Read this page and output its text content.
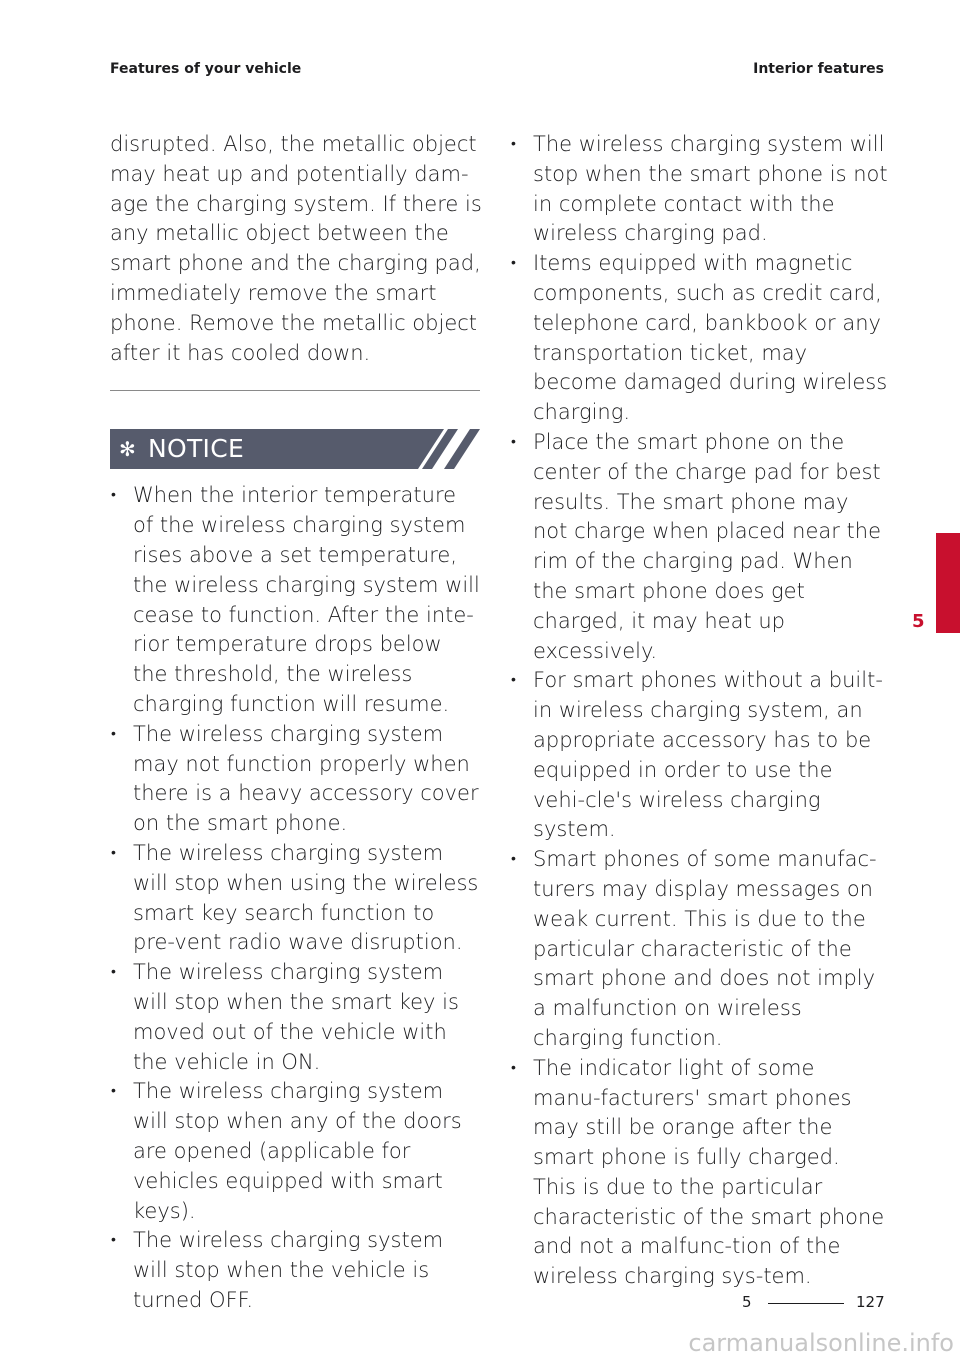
Features of your vehicle	Interior features

disrupted. Also, the metallic object may heat up and potentially dam-age the charging system. If there is any metallic object between the smart phone and the charging pad, immediately remove the smart phone. Remove the metallic object after it has cooled down.

✻ NOTICE
• When the interior temperature of the wireless charging system rises above a set temperature, the wireless charging system will cease to function. After the inte-rior temperature drops below the threshold, the wireless charging function will resume.
• The wireless charging system may not function properly when there is a heavy accessory cover on the smart phone.
• The wireless charging system will stop when using the wireless smart key search function to pre-vent radio wave disruption.
• The wireless charging system will stop when the smart key is moved out of the vehicle with the vehicle in ON.
• The wireless charging system will stop when any of the doors are opened (applicable for vehicles equipped with smart keys).
• The wireless charging system will stop when the vehicle is turned OFF.
• The wireless charging system will stop when the smart phone is not in complete contact with the wireless charging pad.
• Items equipped with magnetic components, such as credit card, telephone card, bankbook or any transportation ticket, may become damaged during wireless charging.
• Place the smart phone on the center of the charge pad for best results. The smart phone may not charge when placed near the rim of the charging pad. When the smart phone does get charged, it may heat up excessively.
• For smart phones without a built-in wireless charging system, an appropriate accessory has to be equipped in order to use the vehi-cle's wireless charging system.
• Smart phones of some manufac-turers may display messages on weak current. This is due to the particular characteristic of the smart phone and does not imply a malfunction on wireless charging function.
• The indicator light of some manu-facturers' smart phones may still be orange after the smart phone is fully charged. This is due to the particular characteristic of the smart phone and not a malfunc-tion of the wireless charging sys-tem.
5
5	127
carmanualsonline.info
